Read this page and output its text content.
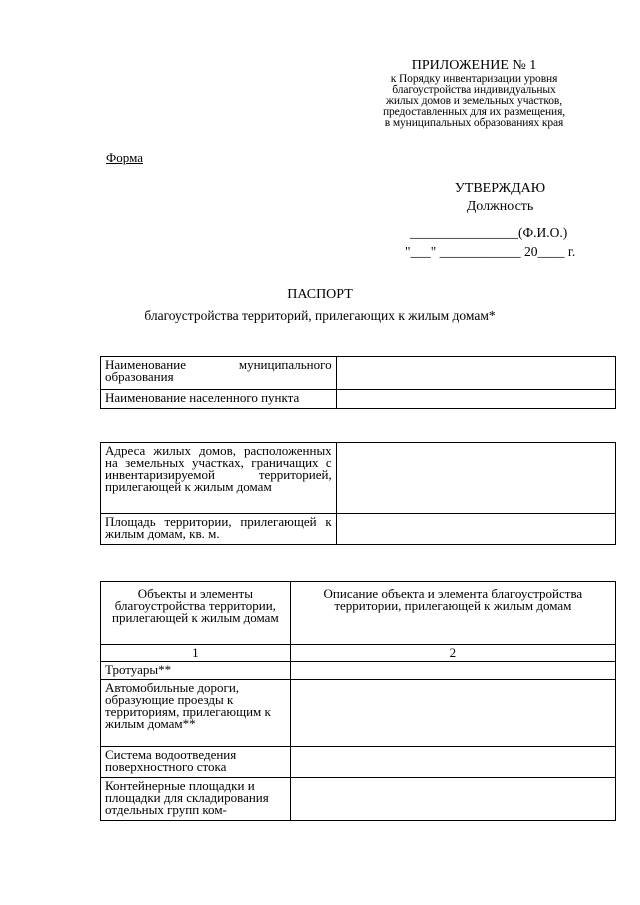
ПРИЛОЖЕНИЕ № 1
к Порядку инвентаризации уровня
благоустройства индивидуальных
жилых домов и земельных участков,
предоставленных для их размещения,
в муниципальных образованиях края
Форма
УТВЕРЖДАЮ
Должность
________________(Ф.И.О.)
"___" ____________ 20____ г.
ПАСПОРТ
благоустройства территорий, прилегающих к жилым домам*
Наименование муниципального образования	
Наименование населенного пункта	
Адреса жилых домов, расположенных на земельных участках, граничащих с инвентаризируемой территорией, прилегающей к жилым домам	
Площадь территории, прилегающей к жилым домам, кв. м.	
Объекты и элементы благоустройства территории, прилегающей к жилым домам	Описание объекта и элемента благоустройства территории, прилегающей к жилым домам
1	2
Тротуары**	
Автомобильные дороги, образующие проезды к территориям, прилегающим к жилым домам**	
Система водоотведения поверхностного стока	
Контейнерные площадки и площадки для складирования отдельных групп ком-	
